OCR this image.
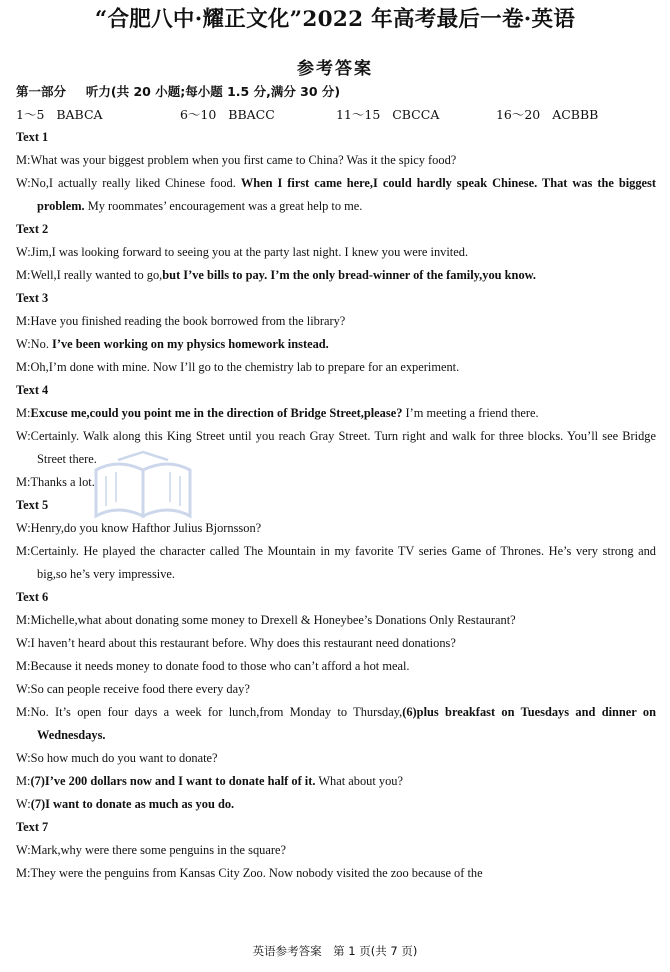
“合肥八中·耀正文化”2022 年高考最后一卷·英语
参考答案
第一部分 听力(共 20 小题;每小题 1.5 分,满分 30 分)
1～5 BABCA	6～10 BBACC	11～15 CBCCA	16～20 ACBBB
Text 1
M:What was your biggest problem when you first came to China? Was it the spicy food?
W:No,I actually really liked Chinese food. When I first came here,I could hardly speak Chinese. That was the biggest problem. My roommates’ encouragement was a great help to me.
Text 2
W:Jim,I was looking forward to seeing you at the party last night. I knew you were invited.
M:Well,I really wanted to go,but I’ve bills to pay. I’m the only bread-winner of the family,you know.
Text 3
M:Have you finished reading the book borrowed from the library?
W:No. I’ve been working on my physics homework instead.
M:Oh,I’m done with mine. Now I’ll go to the chemistry lab to prepare for an experiment.
Text 4
M:Excuse me,could you point me in the direction of Bridge Street,please? I’m meeting a friend there.
W:Certainly. Walk along this King Street until you reach Gray Street. Turn right and walk for three blocks. You’ll see Bridge Street there.
M:Thanks a lot.
Text 5
W:Henry,do you know Hafthor Julius Bjornsson?
M:Certainly. He played the character called The Mountain in my favorite TV series Game of Thrones. He’s very strong and big,so he’s very impressive.
Text 6
M:Michelle,what about donating some money to Drexell & Honeybee’s Donations Only Restaurant?
W:I haven’t heard about this restaurant before. Why does this restaurant need donations?
M:Because it needs money to donate food to those who can’t afford a hot meal.
W:So can people receive food there every day?
M:No. It’s open four days a week for lunch,from Monday to Thursday,(6)plus breakfast on Tuesdays and dinner on Wednesdays.
W:So how much do you want to donate?
M:(7)I’ve 200 dollars now and I want to donate half of it. What about you?
W:(7)I want to donate as much as you do.
Text 7
W:Mark,why were there some penguins in the square?
M:They were the penguins from Kansas City Zoo. Now nobody visited the zoo because of the
英语参考答案　第 1 页(共 7 页)
